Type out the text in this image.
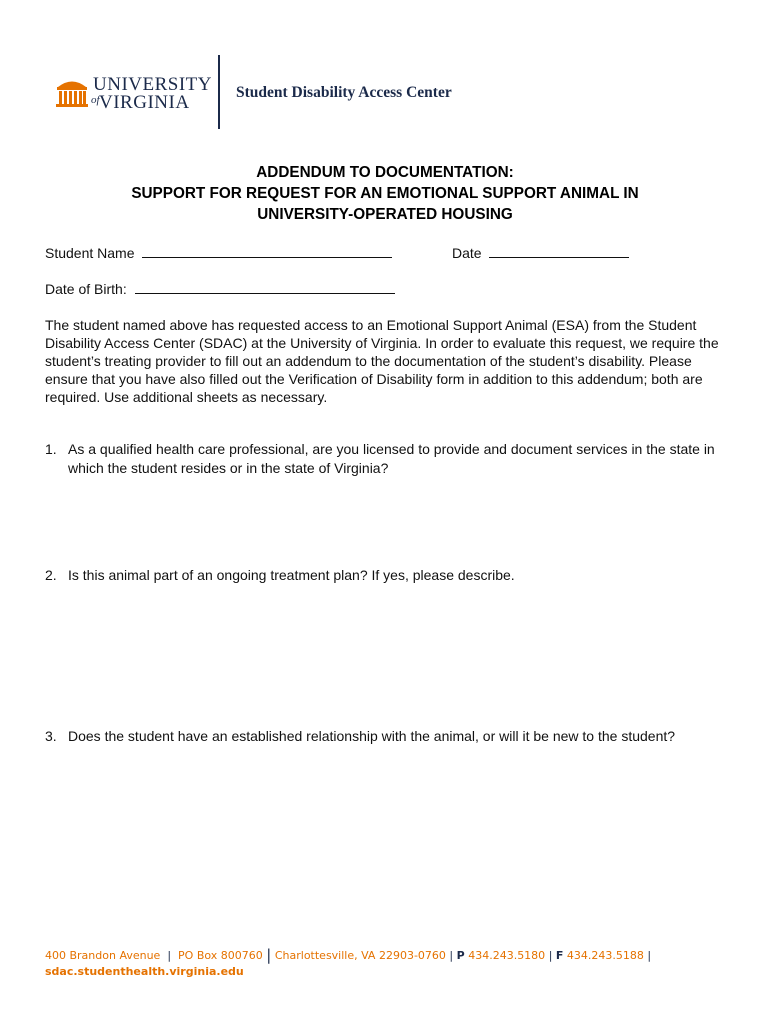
UNIVERSITY
of VIRGINIA	Student Disability Access Center
ADDENDUM TO DOCUMENTATION:
SUPPORT FOR REQUEST FOR AN EMOTIONAL SUPPORT ANIMAL IN
UNIVERSITY-OPERATED HOUSING
Student Name	Date
Date of Birth:
The student named above has requested access to an Emotional Support Animal (ESA) from the Student Disability Access Center (SDAC) at the University of Virginia. In order to evaluate this request, we require the student’s treating provider to fill out an addendum to the documentation of the student’s disability. Please ensure that you have also filled out the Verification of Disability form in addition to this addendum; both are required. Use additional sheets as necessary.
1. As a qualified health care professional, are you licensed to provide and document services in the state in which the student resides or in the state of Virginia?
2. Is this animal part of an ongoing treatment plan? If yes, please describe.
3. Does the student have an established relationship with the animal, or will it be new to the student?
400 Brandon Avenue | PO Box 800760 | Charlottesville, VA 22903-0760 | P 434.243.5180 | F 434.243.5188 |
sdac.studenthealth.virginia.edu
